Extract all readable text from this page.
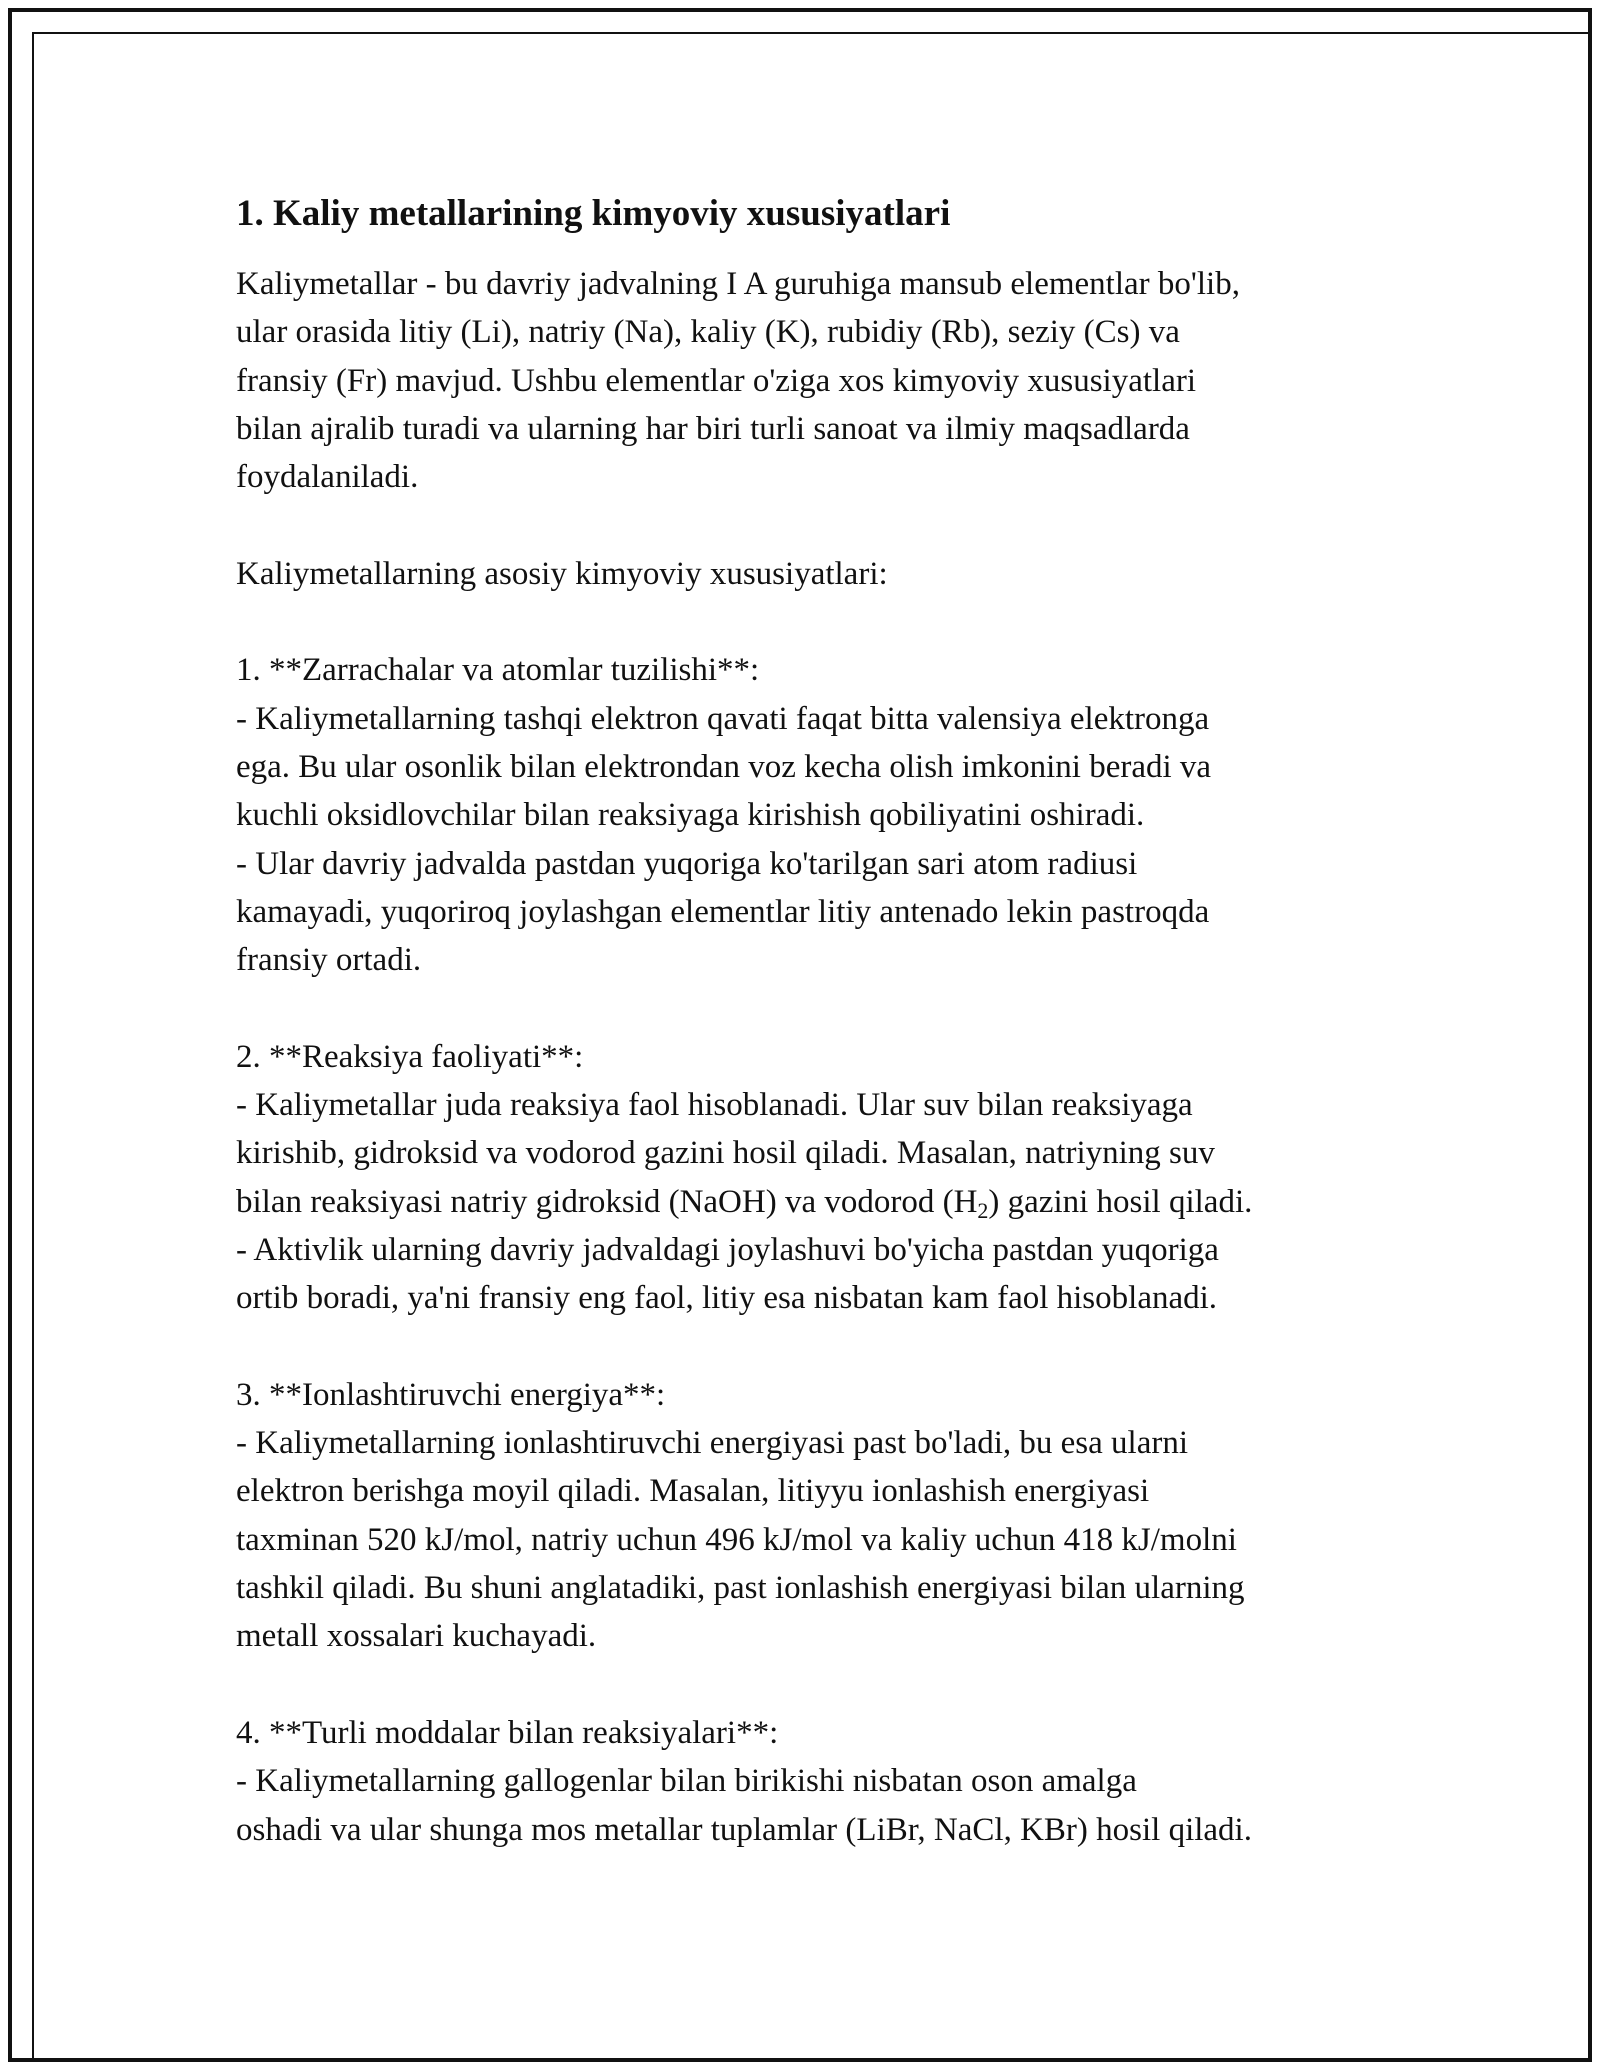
1. Kaliy metallarining kimyoviy xususiyatlari

Kaliymetallar - bu davriy jadvalning I A guruhiga mansub elementlar bo'lib,
ular orasida litiy (Li), natriy (Na), kaliy (K), rubidiy (Rb), seziy (Cs) va
fransiy (Fr) mavjud. Ushbu elementlar o'ziga xos kimyoviy xususiyatlari
bilan ajralib turadi va ularning har biri turli sanoat va ilmiy maqsadlarda
foydalaniladi.

Kaliymetallarning asosiy kimyoviy xususiyatlari:

1. **Zarrachalar va atomlar tuzilishi**:

- Kaliymetallarning tashqi elektron qavati faqat bitta valensiya elektronga
ega. Bu ular osonlik bilan elektrondan voz kecha olish imkonini beradi va
kuchli oksidlovchilar bilan reaksiyaga kirishish qobiliyatini oshiradi.
- Ular davriy jadvalda pastdan yuqoriga ko'tarilgan sari atom radiusi
kamayadi, yuqoriroq joylashgan elementlar litiy antenado lekin pastroqda
fransiy ortadi.

2. **Reaksiya faoliyati**:

- Kaliymetallar juda reaksiya faol hisoblanadi. Ular suv bilan reaksiyaga
kirishib, gidroksid va vodorod gazini hosil qiladi. Masalan, natriyning suv
bilan reaksiyasi natriy gidroksid (NaOH) va vodorod $(H_2)$ gazini hosil qiladi.
- Aktivlik ularning davriy jadvaldagi joylashuvi bo'yicha pastdan yuqoriga
ortib boradi, ya'ni fransiy eng faol, litiy esa nisbatan kam faol hisoblanadi.

3. **Ionlashtiruvchi energiya**:

- Kaliymetallarning ionlashtiruvchi energiyasi past bo'ladi, bu esa ularni
elektron berishga moyil qiladi. Masalan, litiyyu ionlashish energiyasi
taxminan 520 kJ/mol, natriy uchun 496 kJ/mol va kaliy uchun 418 kJ/molni
tashkil qiladi. Bu shuni anglatadiki, past ionlashish energiyasi bilan ularning
metall xossalari kuchayadi.

4. **Turli moddalar bilan reaksiyalari**:

- Kaliymetallarning gallogenlar bilan birikishi nisbatan oson amalga
oshadi va ular shunga mos metallar tuplamlar (LiBr, NaCl, KBr) hosil qiladi.
